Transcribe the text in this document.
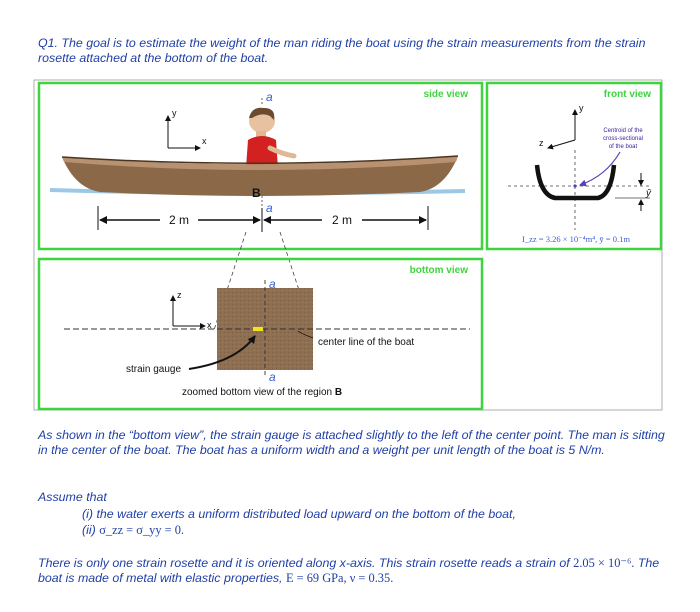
Q1. The goal is to estimate the weight of the man riding the boat using the strain measurements from the strain rosette attached at the bottom of the boat.
side view
y
x
a
B
a
2 m	2 m
front view
y
z
Centroid of the
cross-sectional
of the boat
ȳ
I_zz = 3.26 × 10⁻⁴m⁴, ȳ = 0.1m
bottom view
z
x
a
a
center line of the boat
strain gauge
zoomed bottom view of the region B
As shown in the “bottom view”, the strain gauge is attached slightly to the left of the center point. The man is sitting in the center of the boat. The boat has a uniform width and a weight per unit length of the boat is 5 N/m.
Assume that
(i) the water exerts a uniform distributed load upward on the bottom of the boat,
(ii) σ_zz = σ_yy = 0.
There is only one strain rosette and it is oriented along x-axis. This strain rosette reads a strain of 2.05 × 10⁻⁶. The boat is made of metal with elastic properties, E = 69 GPa, ν = 0.35.
